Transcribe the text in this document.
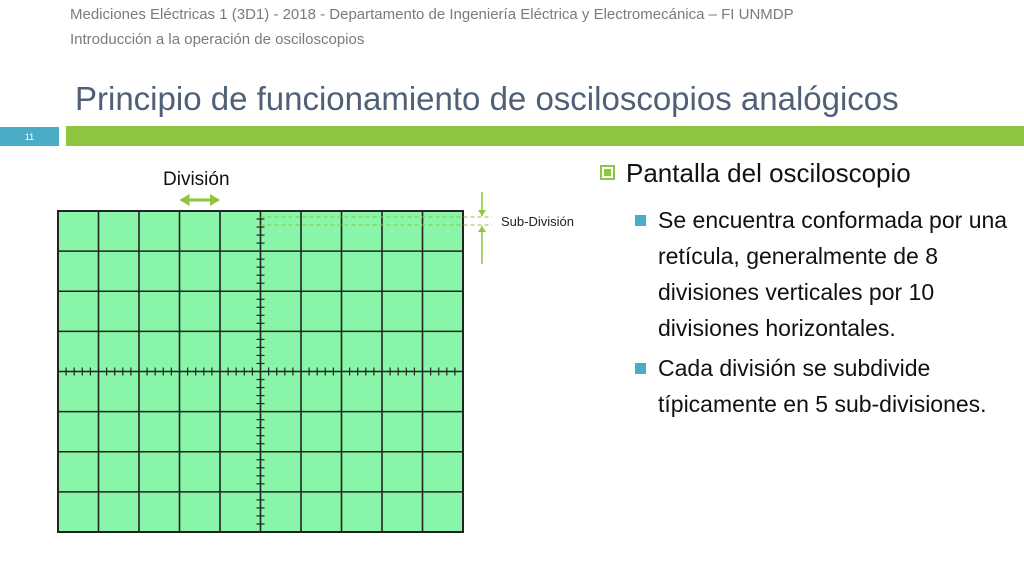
Mediciones Eléctricas 1 (3D1) - 2018 - Departamento de Ingeniería Eléctrica y Electromecánica – FI UNMDP
Introducción a la operación de osciloscopios
Principio de funcionamiento de osciloscopios analógicos
11
División
Sub-División
Pantalla del osciloscopio
Se encuentra conformada por una retícula, generalmente de 8 divisiones verticales por 10 divisiones horizontales.
Cada división se subdivide típicamente en 5 sub-divisiones.
